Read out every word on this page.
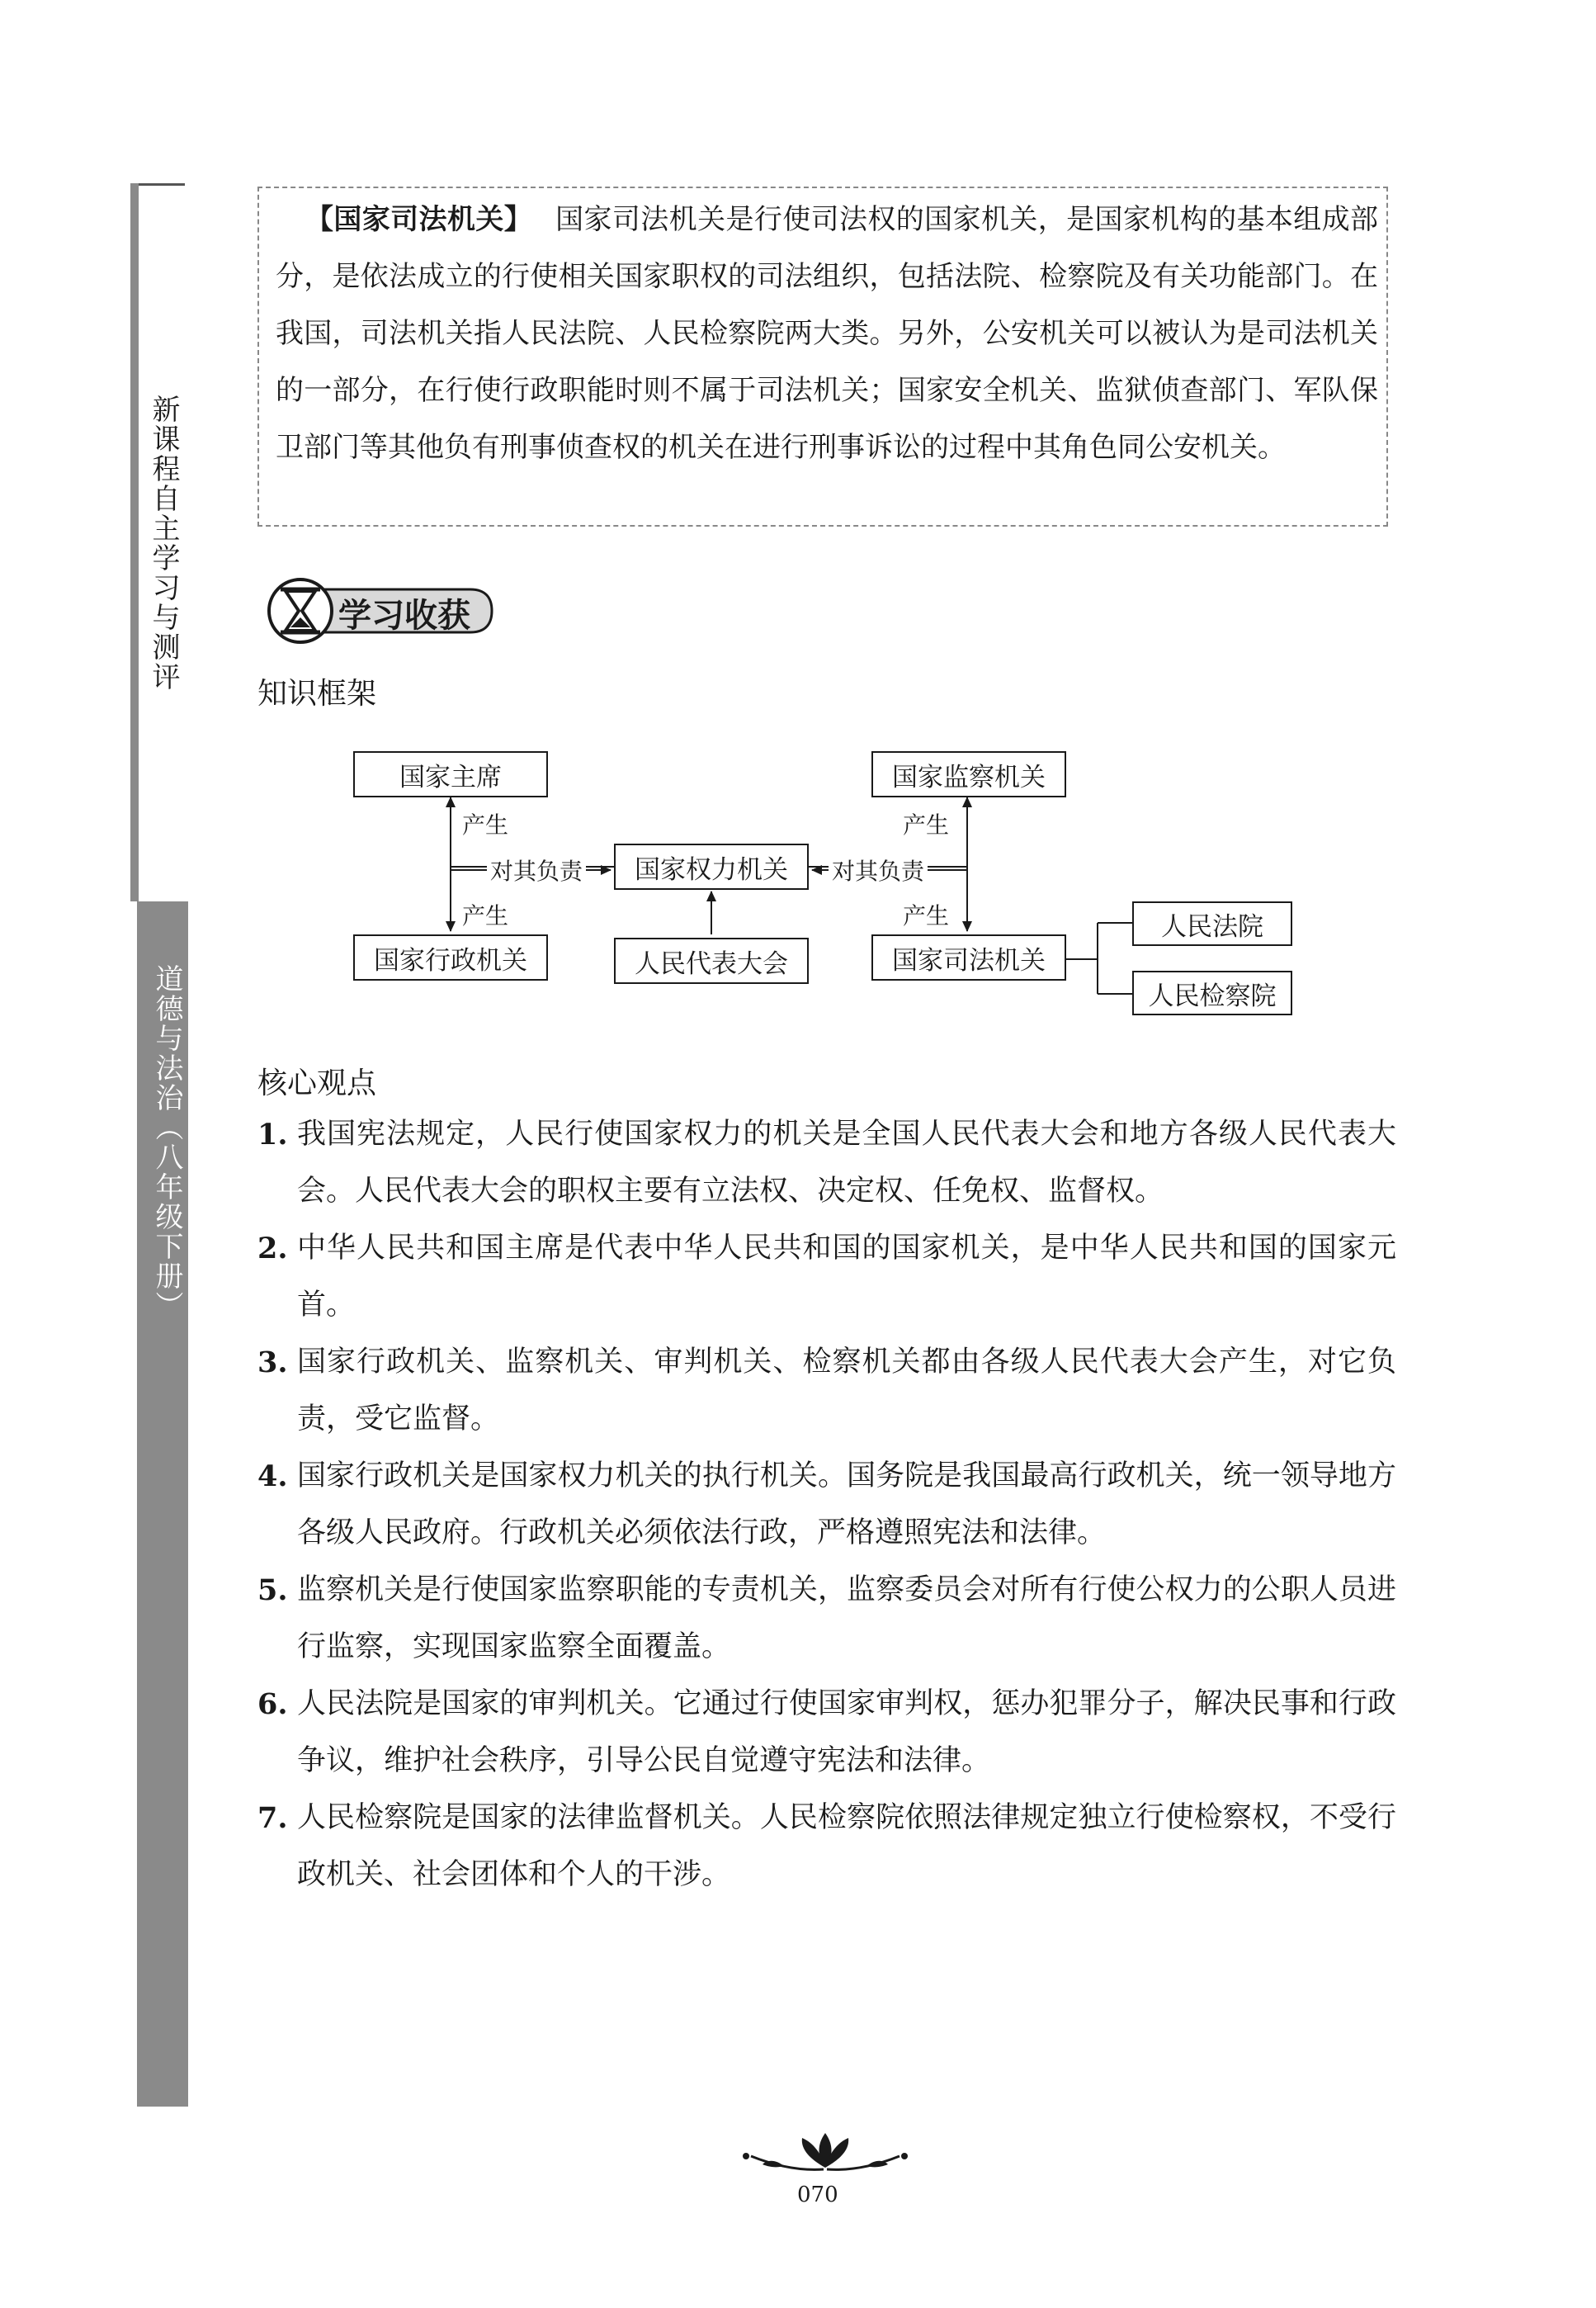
新课程自主学习与测评
道德与法治（八年级下册）

【国家司法机关】 国家司法机关是行使司法权的国家机关，是国家机构的基本组成部分，是依法成立的行使相关国家职权的司法组织，包括法院、检察院及有关功能部门。在我国，司法机关指人民法院、人民检察院两大类。另外，公安机关可以被认为是司法机关的一部分，在行使行政职能时则不属于司法机关；国家安全机关、监狱侦查部门、军队保卫部门等其他负有刑事侦查权的机关在进行刑事诉讼的过程中其角色同公安机关。

学习收获
知识框架
国家主席	国家监察机关
国家权力机关
国家行政机关	人民代表大会	国家司法机关
人民法院
人民检察院
产生	产生
对其负责	对其负责
产生	产生
核心观点
1. 我国宪法规定，人民行使国家权力的机关是全国人民代表大会和地方各级人民代表大会。人民代表大会的职权主要有立法权、决定权、任免权、监督权。
2. 中华人民共和国主席是代表中华人民共和国的国家机关，是中华人民共和国的国家元首。
3. 国家行政机关、监察机关、审判机关、检察机关都由各级人民代表大会产生，对它负责，受它监督。
4. 国家行政机关是国家权力机关的执行机关。国务院是我国最高行政机关，统一领导地方各级人民政府。行政机关必须依法行政，严格遵照宪法和法律。
5. 监察机关是行使国家监察职能的专责机关，监察委员会对所有行使公权力的公职人员进行监察，实现国家监察全面覆盖。
6. 人民法院是国家的审判机关。它通过行使国家审判权，惩办犯罪分子，解决民事和行政争议，维护社会秩序，引导公民自觉遵守宪法和法律。
7. 人民检察院是国家的法律监督机关。人民检察院依照法律规定独立行使检察权，不受行政机关、社会团体和个人的干涉。
070
